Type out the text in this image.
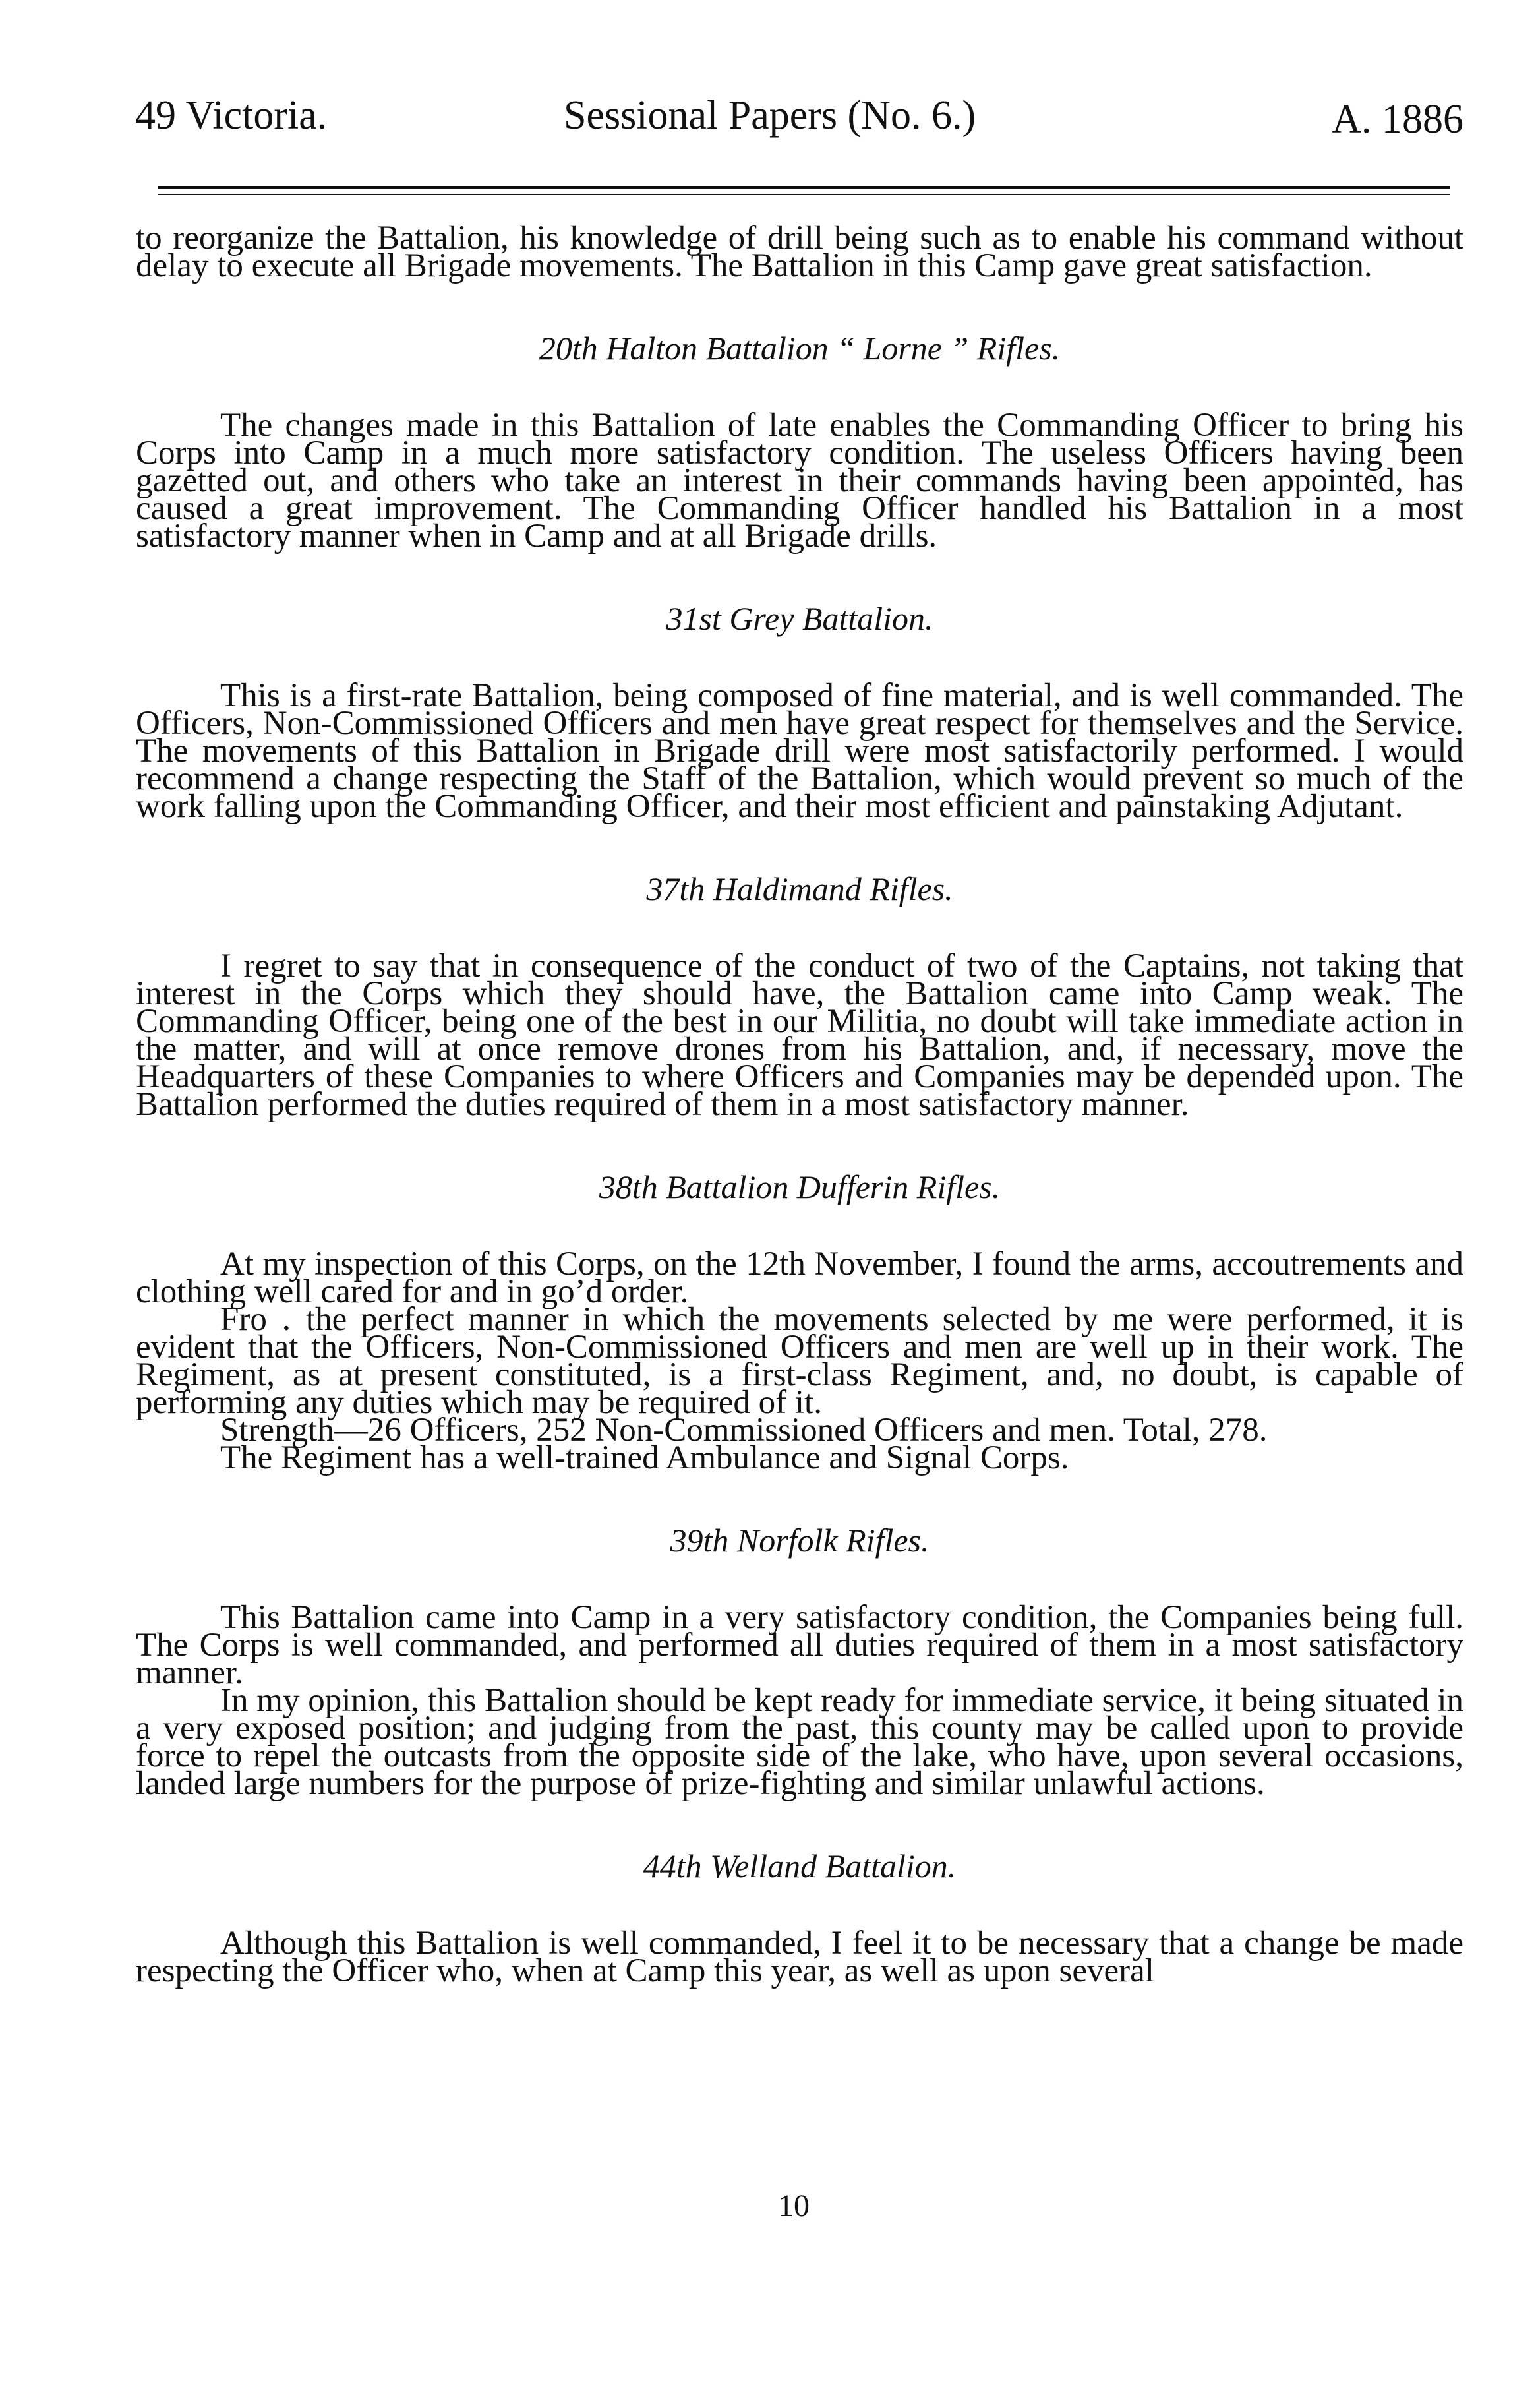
49 Victoria.	Sessional Papers (No. 6.)	A. 1886

to reorganize the Battalion, his knowledge of drill being such as to enable his command without delay to execute all Brigade movements. The Battalion in this Camp gave great satisfaction.

20th Halton Battalion “ Lorne ” Rifles.

The changes made in this Battalion of late enables the Commanding Officer to bring his Corps into Camp in a much more satisfactory condition. The useless Officers having been gazetted out, and others who take an interest in their commands having been appointed, has caused a great improvement. The Commanding Officer handled his Battalion in a most satisfactory manner when in Camp and at all Brigade drills.

31st Grey Battalion.

This is a first-rate Battalion, being composed of fine material, and is well commanded. The Officers, Non-Commissioned Officers and men have great respect for themselves and the Service. The movements of this Battalion in Brigade drill were most satisfactorily performed. I would recommend a change respecting the Staff of the Battalion, which would prevent so much of the work falling upon the Commanding Officer, and their most efficient and painstaking Adjutant.

37th Haldimand Rifles.

I regret to say that in consequence of the conduct of two of the Captains, not taking that interest in the Corps which they should have, the Battalion came into Camp weak. The Commanding Officer, being one of the best in our Militia, no doubt will take immediate action in the matter, and will at once remove drones from his Battalion, and, if necessary, move the Headquarters of these Companies to where Officers and Companies may be depended upon. The Battalion performed the duties required of them in a most satisfactory manner.

38th Battalion Dufferin Rifles.

At my inspection of this Corps, on the 12th November, I found the arms, accoutrements and clothing well cared for and in go’d order.

Fro ․ the perfect manner in which the movements selected by me were performed, it is evident that the Officers, Non-Commissioned Officers and men are well up in their work. The Regiment, as at present constituted, is a first-class Regiment, and, no doubt, is capable of performing any duties which may be required of it.

Strength—26 Officers, 252 Non-Commissioned Officers and men. Total, 278.

The Regiment has a well-trained Ambulance and Signal Corps.

39th Norfolk Rifles.

This Battalion came into Camp in a very satisfactory condition, the Companies being full. The Corps is well commanded, and performed all duties required of them in a most satisfactory manner.

In my opinion, this Battalion should be kept ready for immediate service, it being situated in a very exposed position; and judging from the past, this county may be called upon to provide force to repel the outcasts from the opposite side of the lake, who have, upon several occasions, landed large numbers for the purpose of prize-fighting and similar unlawful actions.

44th Welland Battalion.

Although this Battalion is well commanded, I feel it to be necessary that a change be made respecting the Officer who, when at Camp this year, as well as upon several

10
